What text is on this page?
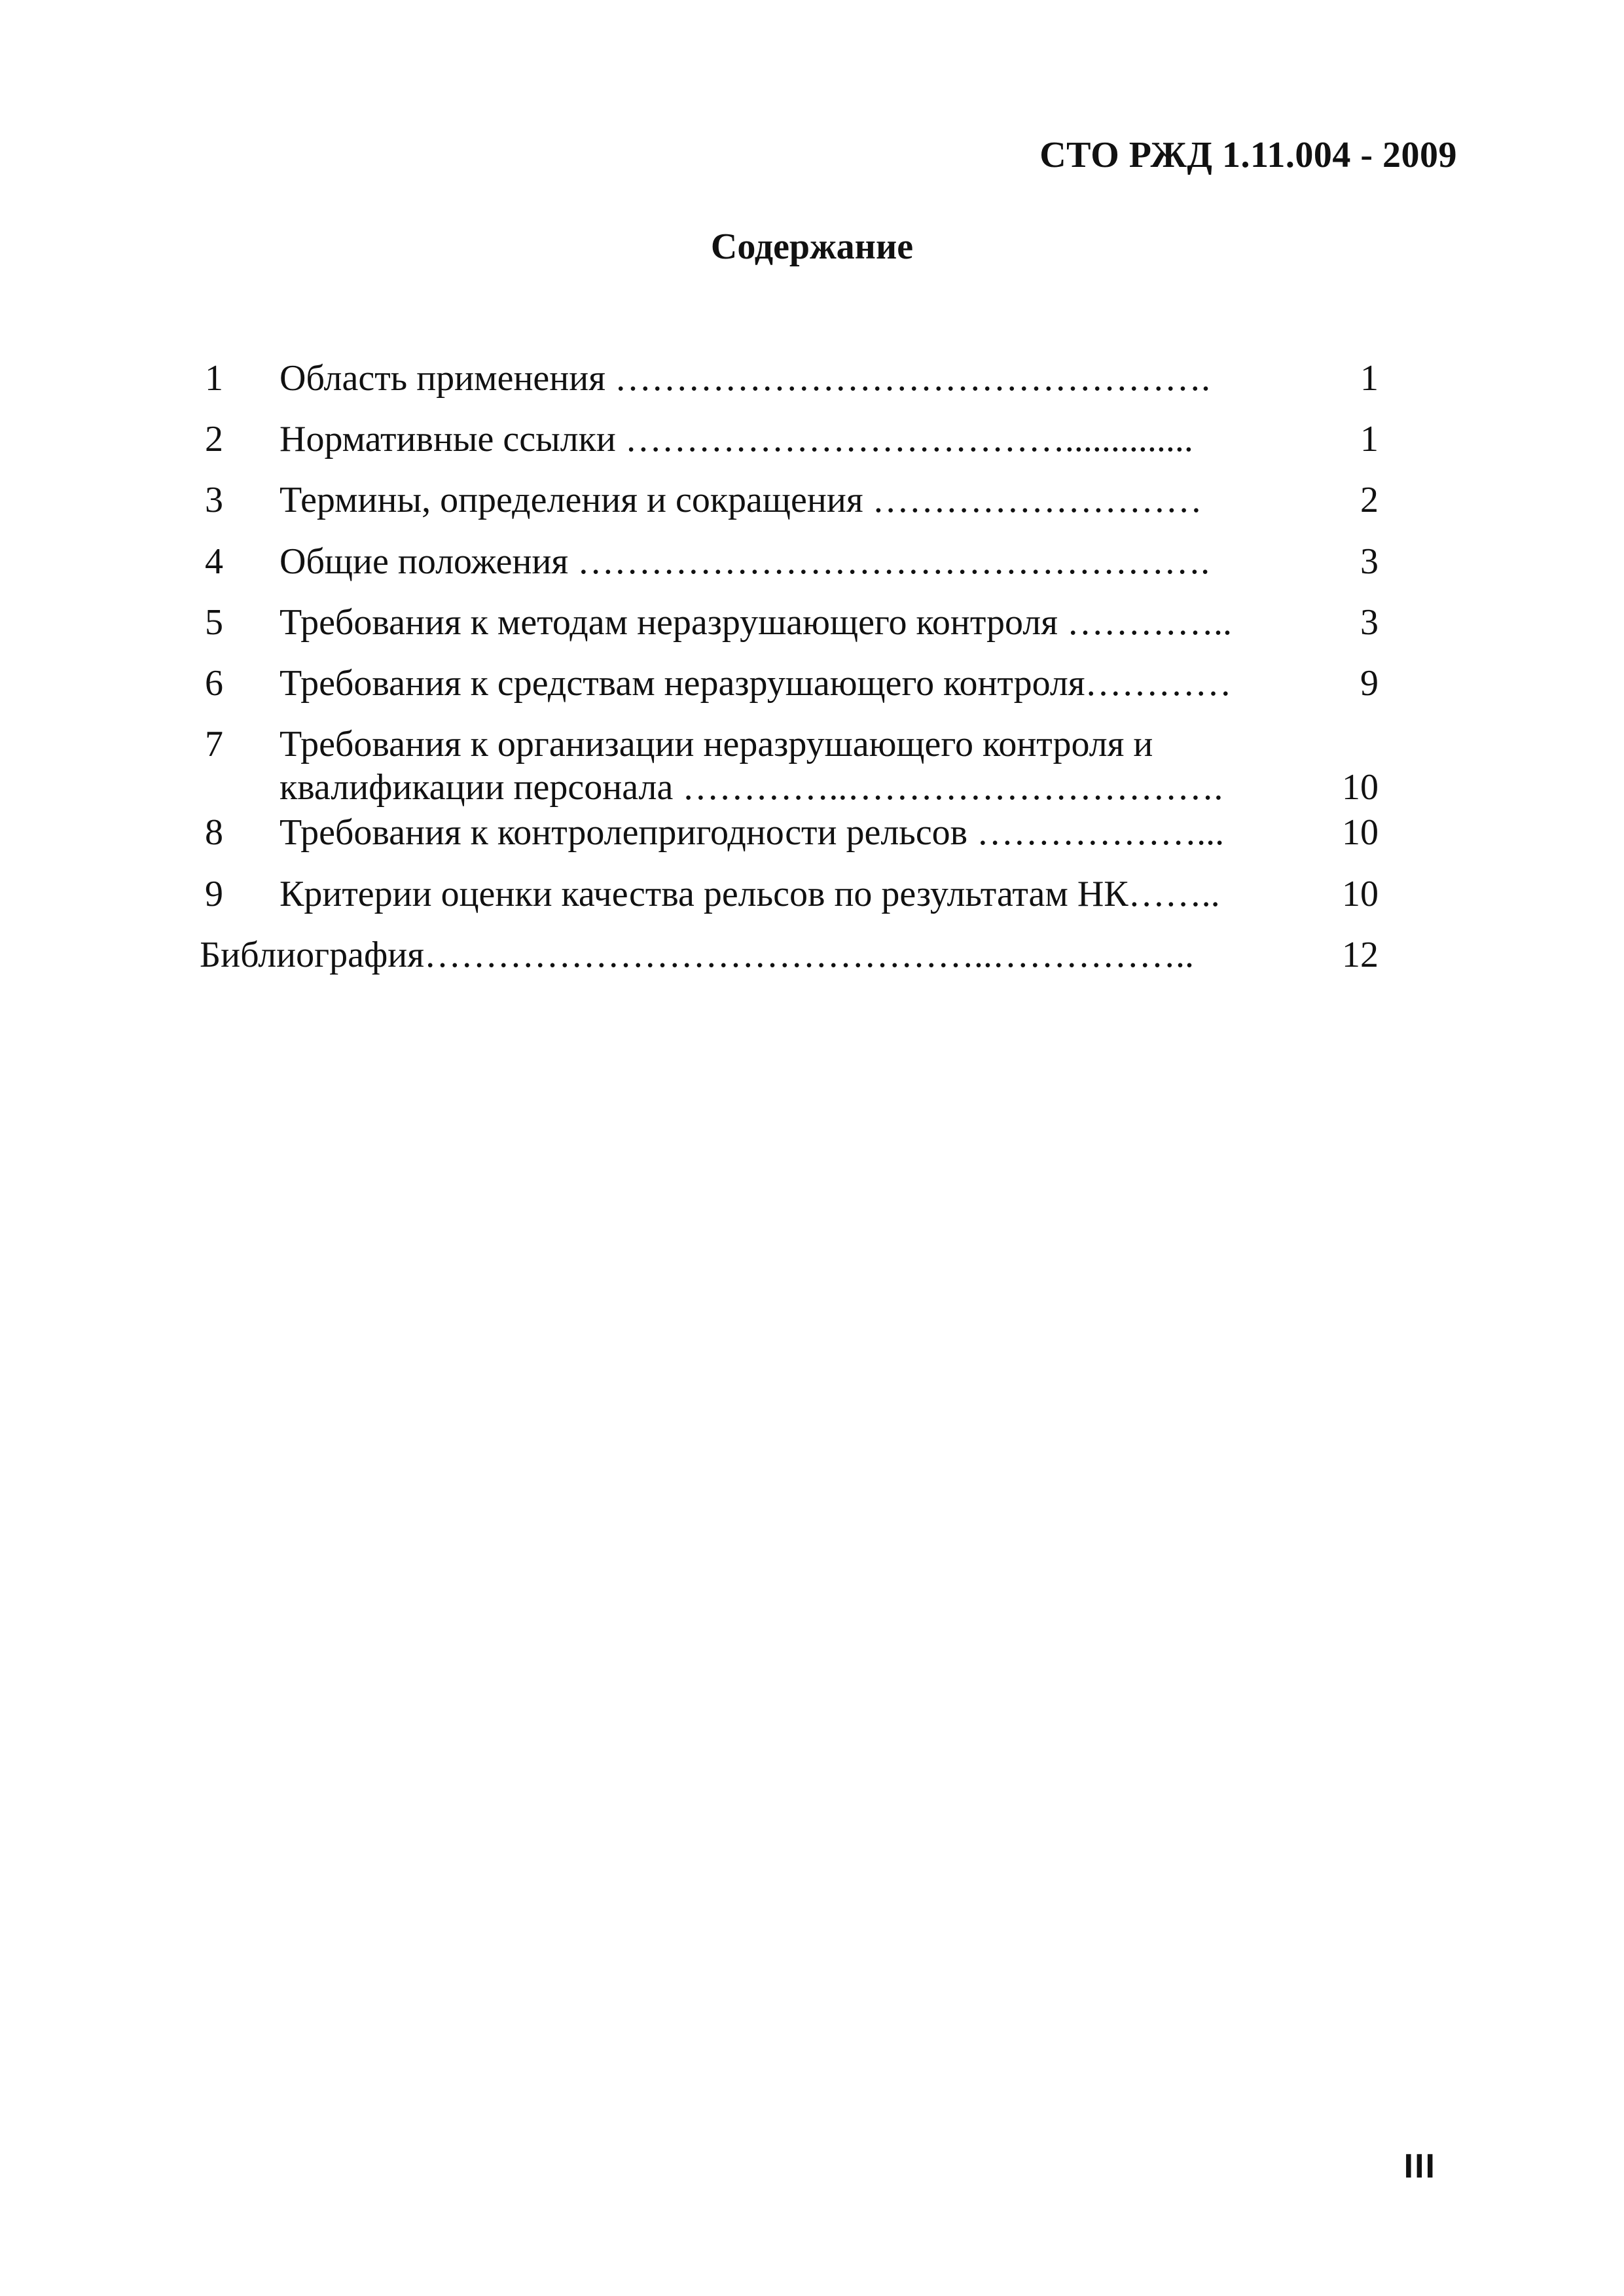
СТО РЖД 1.11.004 - 2009
Содержание
1 Область применения ………………………………………….	1
2 Нормативные ссылки ………………………………..............	1
3 Термины, определения и сокращения ………………………	2
4 Общие положения …………………………………………….	3
5 Требования к методам неразрушающего контроля …………..	3
6 Требования к средствам неразрушающего контроля…………	9
7 Требования к организации неразрушающего контроля и
квалификации персонала …………..………………………….	10
8 Требования к контролепригодности рельсов ………………...	10
9 Критерии оценки качества рельсов по результатам НК……..	10
Библиография………………………………………..……………..	12
III
